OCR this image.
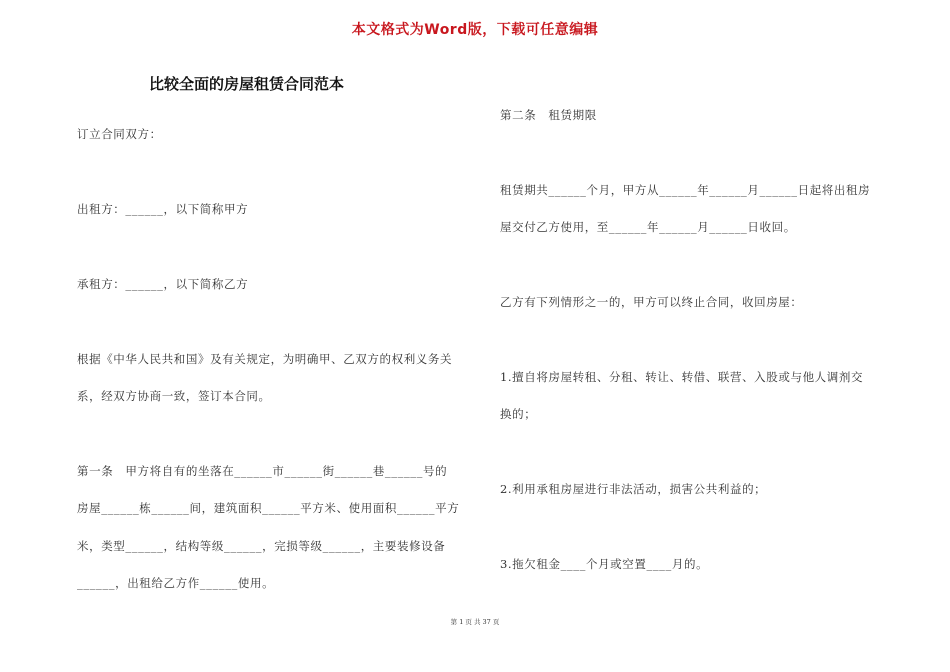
本文格式为Word版，下载可任意编辑
比较全面的房屋租赁合同范本
订立合同双方：
出租方：______，以下简称甲方
承租方：______，以下简称乙方
根据《中华人民共和国》及有关规定，为明确甲、乙双方的权利义务关
系，经双方协商一致，签订本合同。
第一条　甲方将自有的坐落在______市______街______巷______号的
房屋______栋______间，建筑面积______平方米、使用面积______平方
米，类型______，结构等级______，完损等级______，主要装修设备
______，出租给乙方作______使用。
第二条　租赁期限
租赁期共______个月，甲方从______年______月______日起将出租房
屋交付乙方使用，至______年______月______日收回。
乙方有下列情形之一的，甲方可以终止合同，收回房屋：
1.擅自将房屋转租、分租、转让、转借、联营、入股或与他人调剂交
换的；
2.利用承租房屋进行非法活动，损害公共利益的；
3.拖欠租金____个月或空置____月的。
第 1 页 共 37 页
